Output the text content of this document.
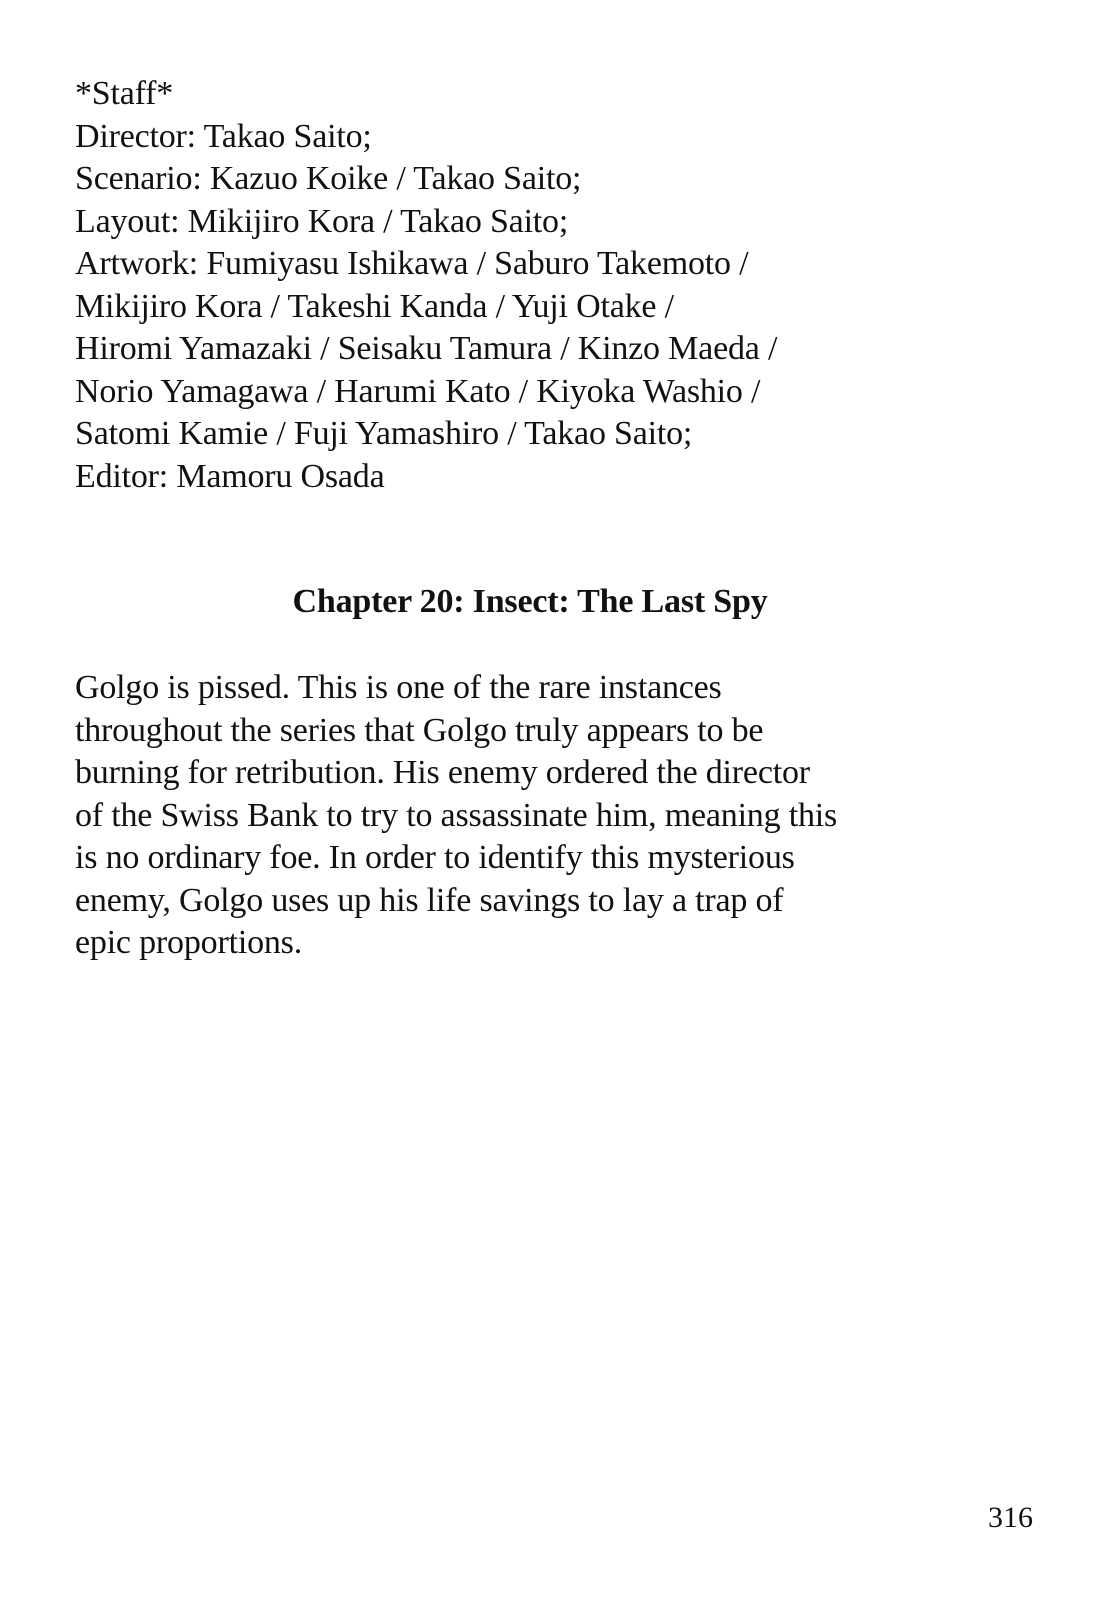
*Staff*
Director: Takao Saito;
Scenario: Kazuo Koike / Takao Saito;
Layout: Mikijiro Kora / Takao Saito;
Artwork: Fumiyasu Ishikawa / Saburo Takemoto /
Mikijiro Kora / Takeshi Kanda / Yuji Otake /
Hiromi Yamazaki / Seisaku Tamura / Kinzo Maeda /
Norio Yamagawa / Harumi Kato / Kiyoka Washio /
Satomi Kamie / Fuji Yamashiro / Takao Saito;
Editor: Mamoru Osada
Chapter 20: Insect: The Last Spy
Golgo is pissed. This is one of the rare instances
throughout the series that Golgo truly appears to be
burning for retribution. His enemy ordered the director
of the Swiss Bank to try to assassinate him, meaning this
is no ordinary foe. In order to identify this mysterious
enemy, Golgo uses up his life savings to lay a trap of
epic proportions.
316
